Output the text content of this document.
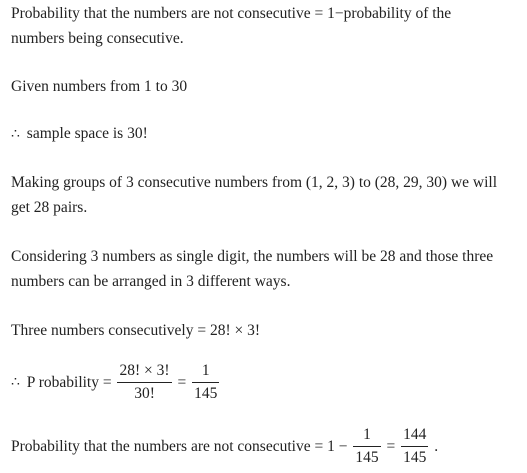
Probability that the numbers are not consecutive = 1−probability of the
numbers being consecutive.

Given numbers from 1 to 30

∴ sample space is 30!

Making groups of 3 consecutive numbers from (1, 2, 3) to (28, 29, 30) we will
get 28 pairs.

Considering 3 numbers as single digit, the numbers will be 28 and those three
numbers can be arranged in 3 different ways.

Three numbers consecutively = 28! × 3!

∴ P robability = $\frac{28! \times 3!}{30!} = \frac{1}{145}$
Probability that the numbers are not consecutive = $1 - \frac{1}{145} = \frac{144}{145}$ .
